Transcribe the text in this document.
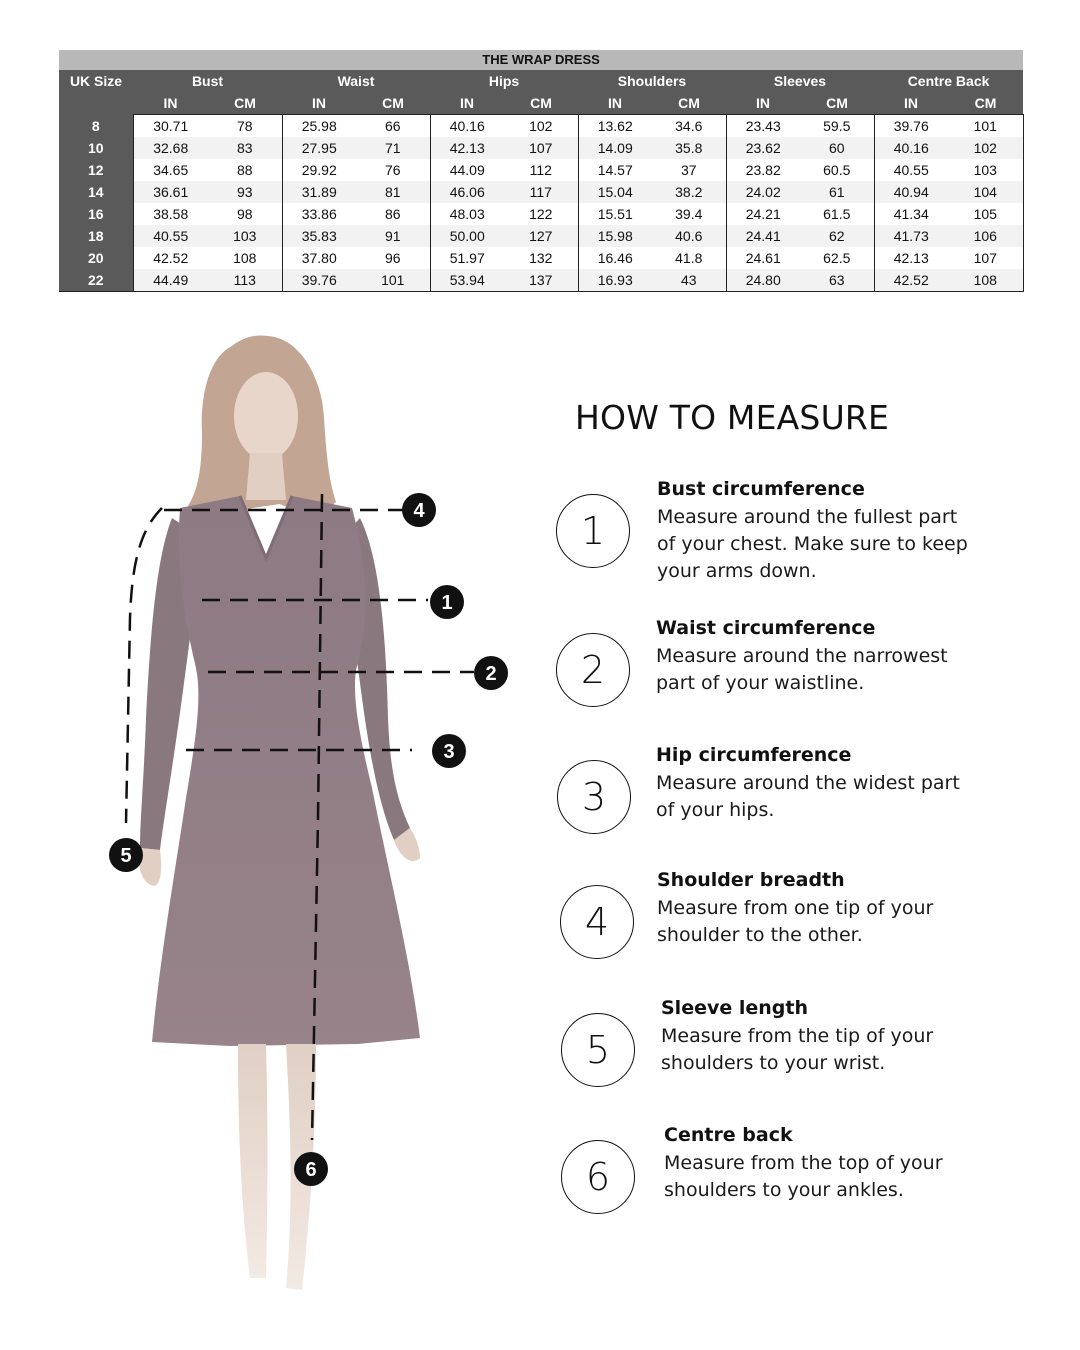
THE WRAP DRESS												
UK Size	Bust		Waist		Hips		Shoulders		Sleeves		Centre Back	
	IN	CM	IN	CM	IN	CM	IN	CM	IN	CM	IN	CM
8	30.71	78	25.98	66	40.16	102	13.62	34.6	23.43	59.5	39.76	101
10	32.68	83	27.95	71	42.13	107	14.09	35.8	23.62	60	40.16	102
12	34.65	88	29.92	76	44.09	112	14.57	37	23.82	60.5	40.55	103
14	36.61	93	31.89	81	46.06	117	15.04	38.2	24.02	61	40.94	104
16	38.58	98	33.86	86	48.03	122	15.51	39.4	24.21	61.5	41.34	105
18	40.55	103	35.83	91	50.00	127	15.98	40.6	24.41	62	41.73	106
20	42.52	108	37.80	96	51.97	132	16.46	41.8	24.61	62.5	42.13	107
22	44.49	113	39.76	101	53.94	137	16.93	43	24.80	63	42.52	108
4
1
2
3
5
6
HOW TO MEASURE
1
Bust circumference
Measure around the fullest part of your chest. Make sure to keep your arms down.
2
Waist circumference
Measure around the narrowest part of your waistline.
3
Hip circumference
Measure around the widest part of your hips.
4
Shoulder breadth
Measure from one tip of your shoulder to the other.
5
Sleeve length
Measure from the tip of your shoulders to your wrist.
6
Centre back
Measure from the top of your shoulders to your ankles.
